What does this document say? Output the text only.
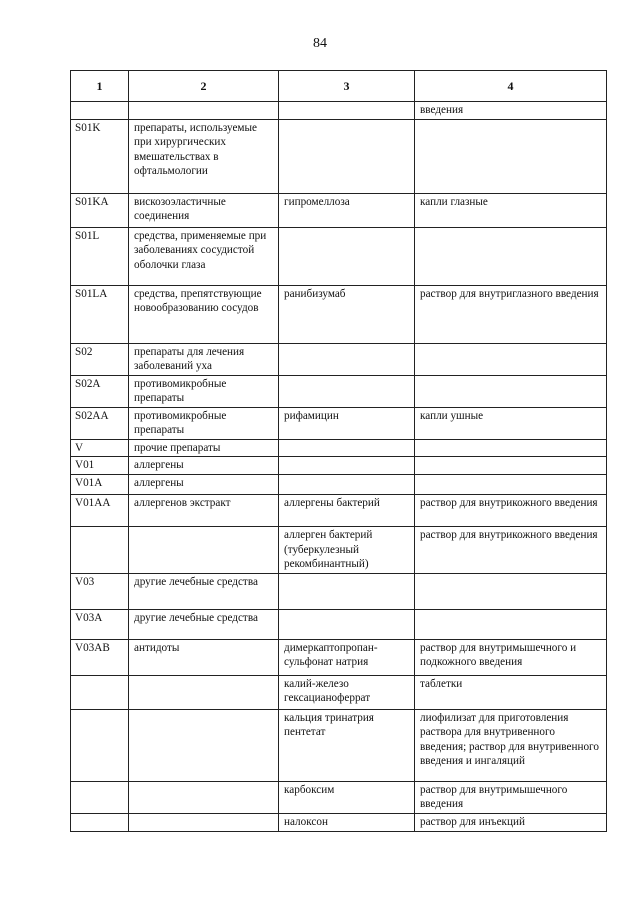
84
1	2	3	4
			введения
S01K	препараты, используемые при хирургических вмешательствах в офтальмологии		
S01KA	вискозоэластичные соединения	гипромеллоза	капли глазные
S01L	средства, применяемые при заболеваниях сосудистой оболочки глаза		
S01LA	средства, препятствующие новообразованию сосудов	ранибизумаб	раствор для внутриглазного введения
S02	препараты для лечения заболеваний уха		
S02A	противомикробные препараты		
S02AA	противомикробные препараты	рифамицин	капли ушные
V	прочие препараты		
V01	аллергены		
V01A	аллергены		
V01AA	аллергенов экстракт	аллергены бактерий	раствор для внутрикожного введения
		аллерген бактерий (туберкулезный рекомбинантный)	раствор для внутрикожного введения
V03	другие лечебные средства		
V03A	другие лечебные средства		
V03AB	антидоты	димеркаптопропан-сульфонат натрия	раствор для внутримышечного и подкожного введения
		калий-железо гексацианоферрат	таблетки
		кальция тринатрия пентетат	лиофилизат для приготовления раствора для внутривенного введения; раствор для внутривенного введения и ингаляций
		карбоксим	раствор для внутримышечного введения
		налоксон	раствор для инъекций
